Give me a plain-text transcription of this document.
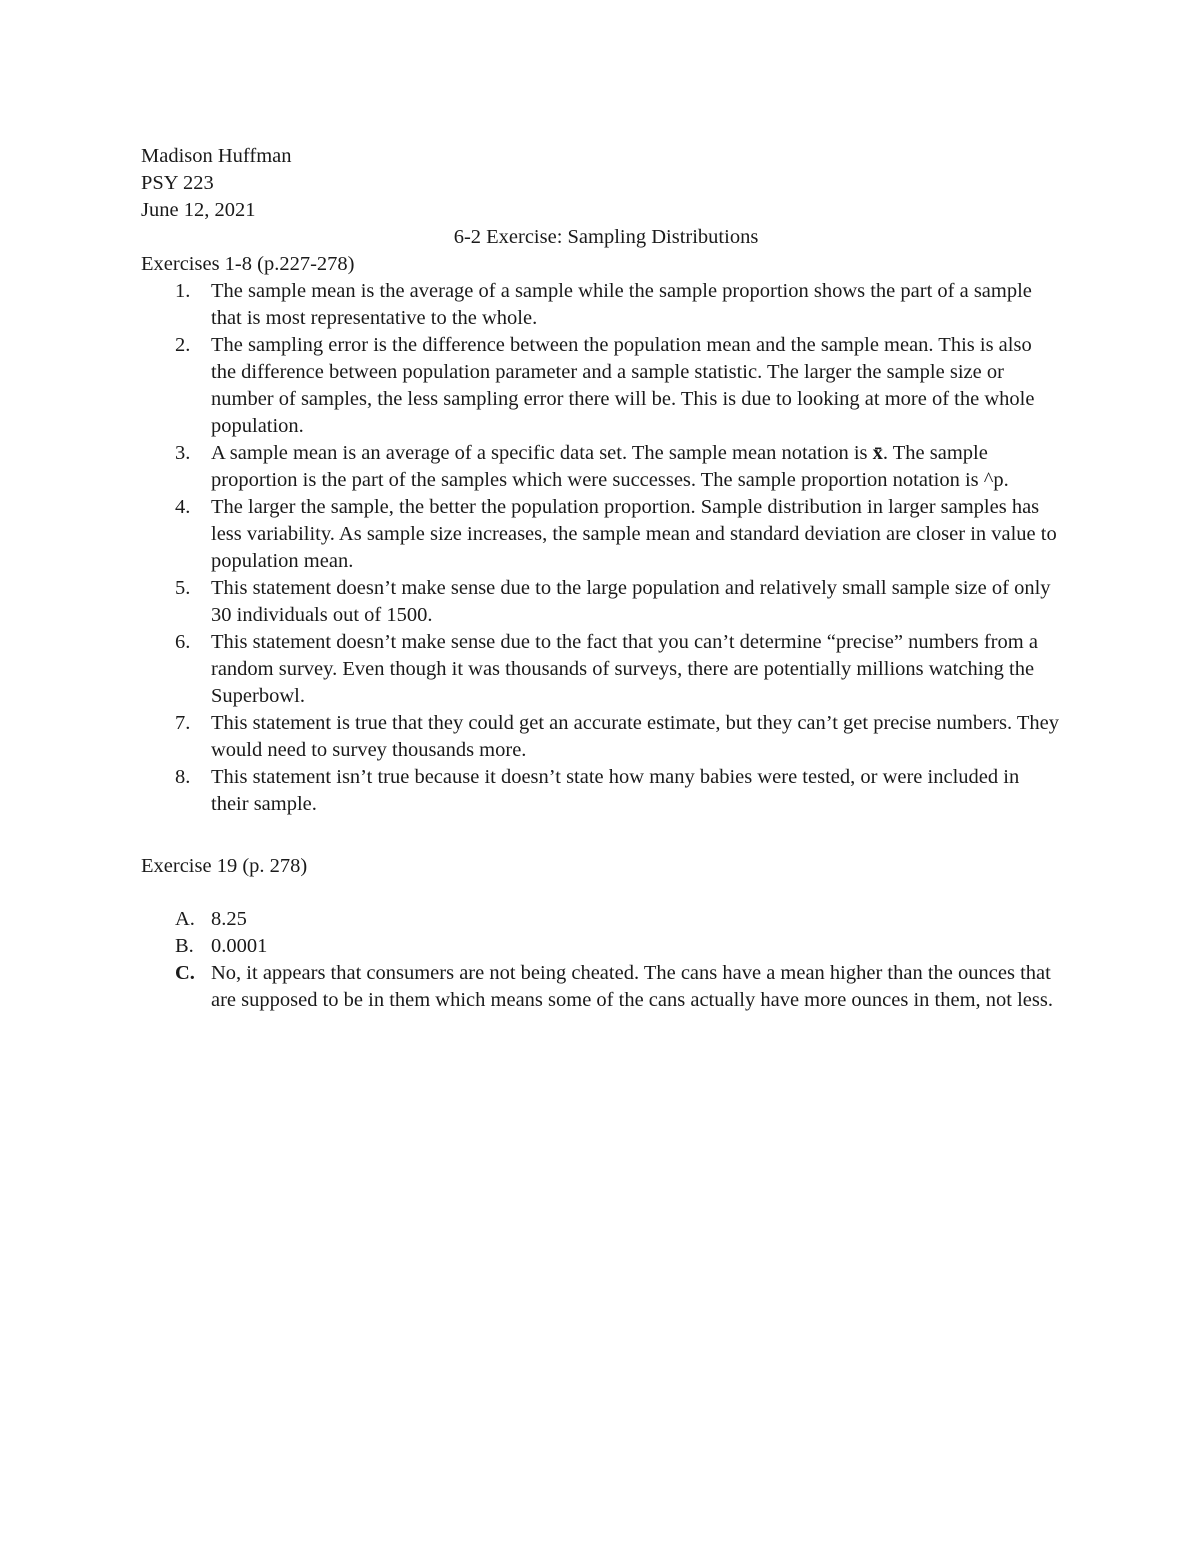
Madison Huffman

PSY 223

June 12, 2021

6-2 Exercise: Sampling Distributions

Exercises 1-8 (p.227-278)

1. The sample mean is the average of a sample while the sample proportion shows the part of a sample that is most representative to the whole.
2. The sampling error is the difference between the population mean and the sample mean. This is also the difference between population parameter and a sample statistic. The larger the sample size or number of samples, the less sampling error there will be. This is due to looking at more of the whole population.
3. A sample mean is an average of a specific data set. The sample mean notation is x̄. The sample proportion is the part of the samples which were successes. The sample proportion notation is ^p.
4. The larger the sample, the better the population proportion. Sample distribution in larger samples has less variability. As sample size increases, the sample mean and standard deviation are closer in value to population mean.
5. This statement doesn’t make sense due to the large population and relatively small sample size of only 30 individuals out of 1500.
6. This statement doesn’t make sense due to the fact that you can’t determine “precise” numbers from a random survey. Even though it was thousands of surveys, there are potentially millions watching the Superbowl.
7. This statement is true that they could get an accurate estimate, but they can’t get precise numbers. They would need to survey thousands more.
8. This statement isn’t true because it doesn’t state how many babies were tested, or were included in their sample.

Exercise 19 (p. 278)

A. 8.25
B. 0.0001
C. No, it appears that consumers are not being cheated. The cans have a mean higher than the ounces that are supposed to be in them which means some of the cans actually have more ounces in them, not less.
